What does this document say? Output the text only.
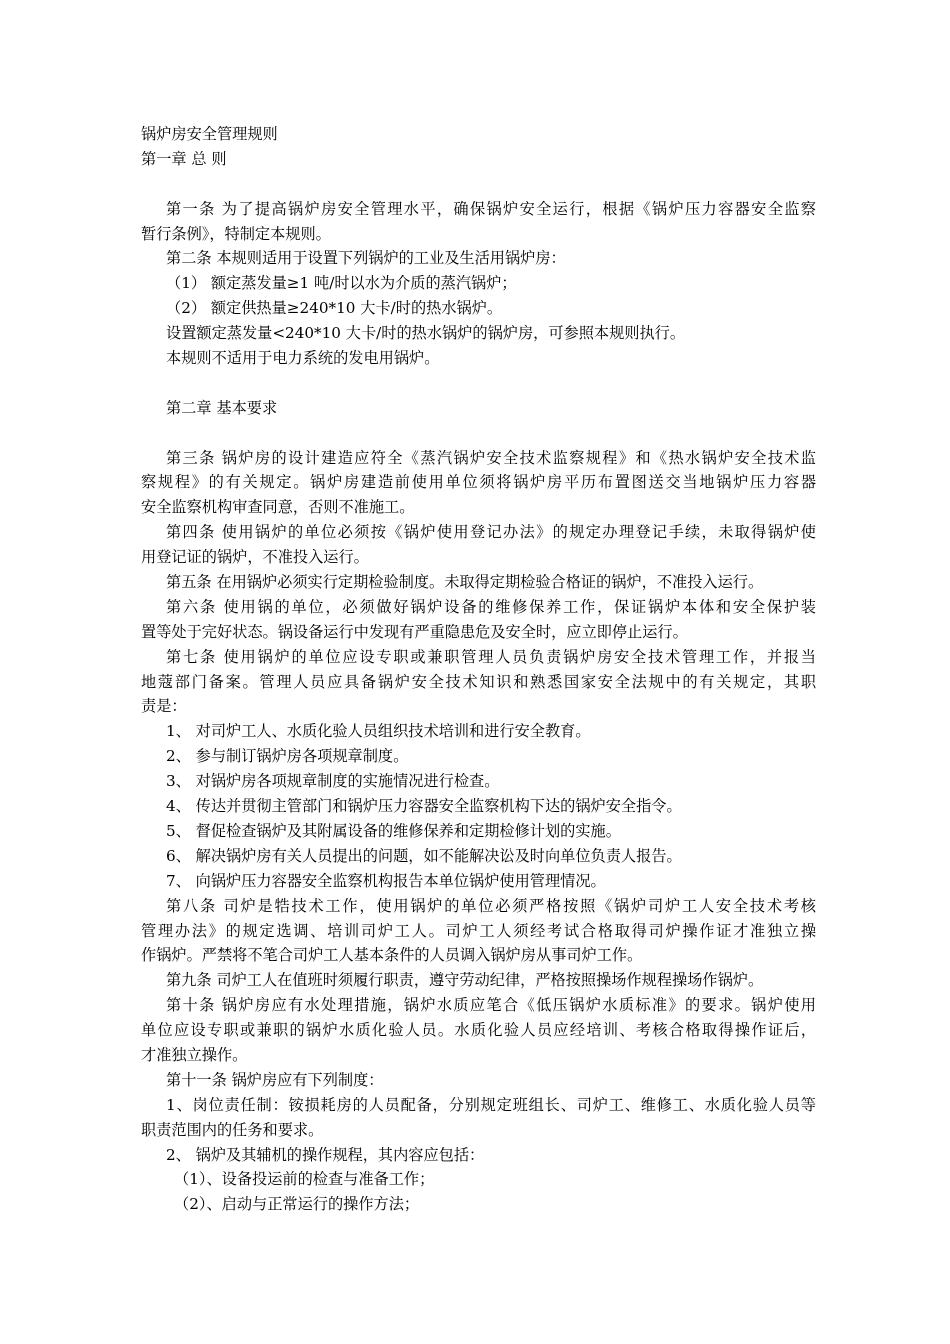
锅炉房安全管理规则
第一章 总 则
第一条 为了提高锅炉房安全管理水平，确保锅炉安全运行，根据《锅炉压力容器安全监察
暂行条例》，特制定本规则。
第二条 本规则适用于设置下列锅炉的工业及生活用锅炉房：
（1） 额定蒸发量≥1 吨/时以水为介质的蒸汽锅炉；
（2） 额定供热量≥240*10 大卡/时的热水锅炉。
设置额定蒸发量<240*10 大卡/时的热水锅炉的锅炉房，可参照本规则执行。
本规则不适用于电力系统的发电用锅炉。
第二章 基本要求
第三条 锅炉房的设计建造应符全《蒸汽锅炉安全技术监察规程》和《热水锅炉安全技术监
察规程》的有关规定。锅炉房建造前使用单位须将锅炉房平历布置图送交当地锅炉压力容器
安全监察机构审查同意，否则不准施工。
第四条 使用锅炉的单位必须按《锅炉使用登记办法》的规定办理登记手续，未取得锅炉使
用登记证的锅炉，不准投入运行。
第五条 在用锅炉必须实行定期检验制度。未取得定期检验合格证的锅炉，不准投入运行。
第六条 使用锅的单位，必须做好锅炉设备的维修保养工作，保证锅炉本体和安全保护装
置等处于完好状态。锅设备运行中发现有严重隐患危及安全时，应立即停止运行。
第七条 使用锅炉的单位应设专职或兼职管理人员负责锅炉房安全技术管理工作，并报当
地蔻部门备案。管理人员应具备锅炉安全技术知识和熟悉国家安全法规中的有关规定，其职
责是：
1、 对司炉工人、水质化验人员组织技术培训和进行安全教育。
2、 参与制订锅炉房各项规章制度。
3、 对锅炉房各项规章制度的实施情况进行检查。
4、 传达并贯彻主管部门和锅炉压力容器安全监察机构下达的锅炉安全指令。
5、 督促检查锅炉及其附属设备的维修保养和定期检修计划的实施。
6、 解决锅炉房有关人员提出的问题，如不能解决讼及时向单位负责人报告。
7、 向锅炉压力容器安全监察机构报告本单位锅炉使用管理情况。
第八条 司炉是牿技术工作，使用锅炉的单位必须严格按照《锅炉司炉工人安全技术考核
管理办法》的规定选调、培训司炉工人。司炉工人须经考试合格取得司炉操作证才准独立操
作锅炉。严禁将不笔合司炉工人基本条件的人员调入锅炉房从事司炉工作。
第九条 司炉工人在值班时须履行职责，遵守劳动纪律，严格按照操场作规程操场作锅炉。
第十条 锅炉房应有水处理措施，锅炉水质应笔合《低压锅炉水质标准》的要求。锅炉使用
单位应设专职或兼职的锅炉水质化验人员。水质化验人员应经培训、考核合格取得操作证后，
才准独立操作。
第十一条 锅炉房应有下列制度：
1、岗位责任制：铵损耗房的人员配备，分别规定班组长、司炉工、维修工、水质化验人员等
职责范围内的任务和要求。
2、 锅炉及其辅机的操作规程，其内容应包括：
（1）、设备投运前的检查与准备工作；
（2）、启动与正常运行的操作方法；
